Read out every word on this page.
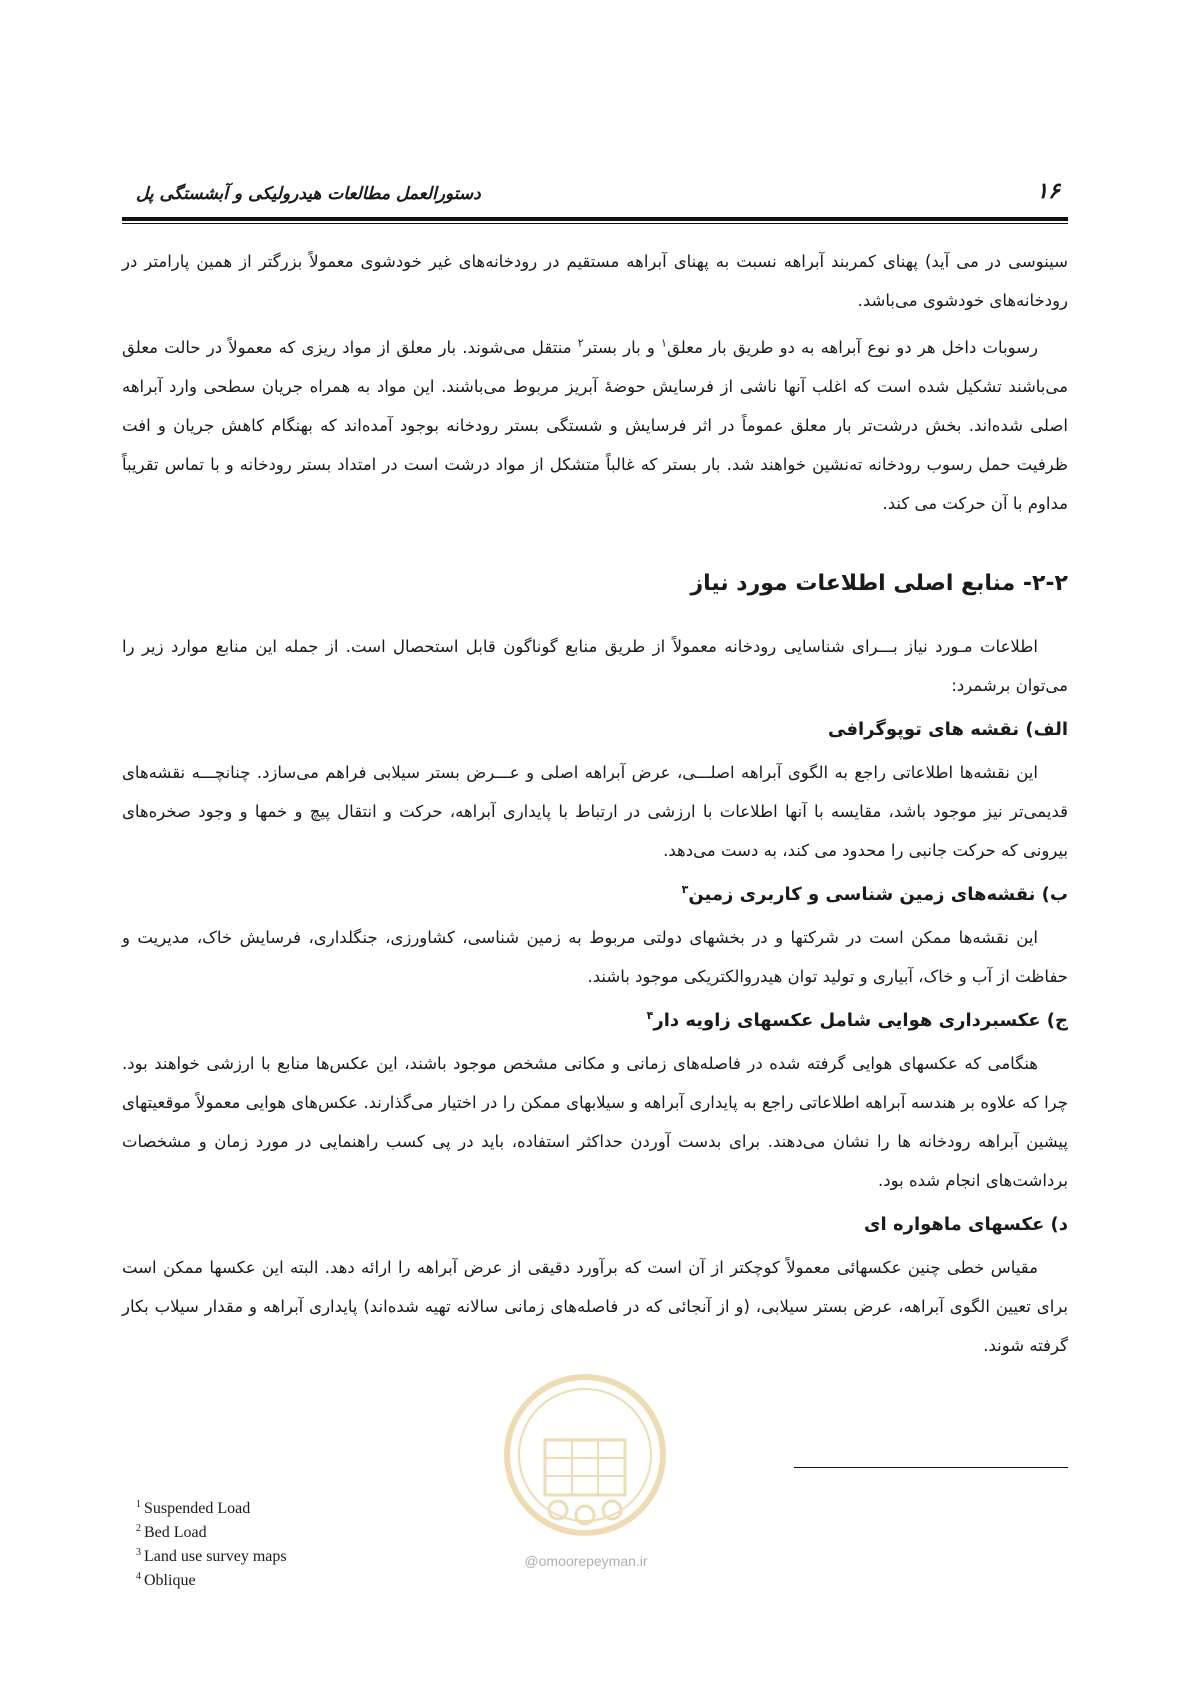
۱۶
دستورالعمل مطالعات هیدرولیکی و آبشستگی پل

سینوسی در می آید) پهنای کمربند آبراهه نسبت به پهنای آبراهه مستقیم در رودخانه‌های غیر خودشوی معمولاً بزرگتر از همین پارامتر در رودخانه‌های خودشوی می‌باشد.

رسوبات داخل هر دو نوع آبراهه به دو طریق بار معلق$^۱$ و بار بستر$^۲$ منتقل می‌شوند. بار معلق از مواد ریزی که معمولاً در حالت معلق می‌باشند تشکیل شده است که اغلب آنها ناشی از فرسایش حوضهٔ آبریز مربوط می‌باشند. این مواد به همراه جریان سطحی وارد آبراهه اصلی شده‌اند. بخش درشت‌تر بار معلق عموماً در اثر فرسایش و شستگی بستر رودخانه بوجود آمده‌اند که بهنگام کاهش جریان و افت ظرفیت حمل رسوب رودخانه ته‌نشین خواهند شد. بار بستر که غالباً متشکل از مواد درشت است در امتداد بستر رودخانه و با تماس تقریباً مداوم با آن حرکت می کند.

۲-۲- منابع اصلی اطلاعات مورد نیاز

اطلاعات مـورد نیاز بـــرای شناسایی رودخانه معمولاً از طریق منابع گوناگون قابل استحصال است. از جمله این منابع موارد زیر را می‌توان برشمرد:

الف) نقشه های توپوگرافی

این نقشه‌ها اطلاعاتی راجع به الگوی آبراهه اصلـــی، عرض آبراهه اصلی و عـــرض بستر سیلابی فراهم می‌سازد. چنانچـــه نقشه‌های قدیمی‌تر نیز موجود باشد، مقایسه با آنها اطلاعات با ارزشی در ارتباط با پایداری آبراهه، حرکت و انتقال پیچ و خمها و وجود صخره‌های بیرونی که حرکت جانبی را محدود می کند، به دست می‌دهد.

ب) نقشه‌های زمین شناسی و کاربری زمین$^۳$

این نقشه‌ها ممکن است در شرکتها و در بخشهای دولتی مربوط به زمین شناسی، کشاورزی، جنگلداری، فرسایش خاک، مدیریت و حفاظت از آب و خاک، آبیاری و تولید توان هیدروالکتریکی موجود باشند.

ج) عکسبرداری هوایی شامل عکسهای زاویه دار$^۴$

هنگامی که عکسهای هوایی گرفته شده در فاصله‌های زمانی و مکانی مشخص موجود باشند، این عکس‌ها منابع با ارزشی خواهند بود. چرا که علاوه بر هندسه آبراهه اطلاعاتی راجع به پایداری آبراهه و سیلابهای ممکن را در اختیار می‌گذارند. عکس‌های هوایی معمولاً موقعیتهای پیشین آبراهه رودخانه ها را نشان می‌دهند. برای بدست آوردن حداکثر استفاده، باید در پی کسب راهنمایی در مورد زمان و مشخصات برداشت‌های انجام شده بود.

د) عکسهای ماهواره ای

مقیاس خطی چنین عکسهائی معمولاً کوچکتر از آن است که برآورد دقیقی از عرض آبراهه را ارائه دهد. البته این عکسها ممکن است برای تعیین الگوی آبراهه، عرض بستر سیلابی، (و از آنجائی که در فاصله‌های زمانی سالانه تهیه شده‌اند) پایداری آبراهه و مقدار سیلاب بکار گرفته شوند.

@omoorepeyman.ir
$^1$ Suspended Load
$^2$ Bed Load
$^3$ Land use survey maps
$^4$ Oblique
